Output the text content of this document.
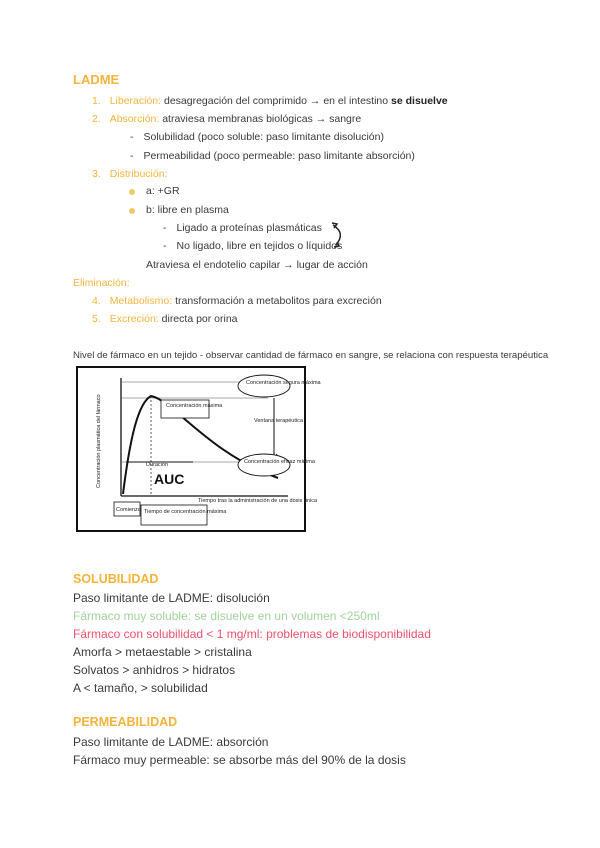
LADME
1. Liberación: desagregación del comprimido → en el intestino se disuelve
2. Absorción: atraviesa membranas biológicas → sangre
- Solubilidad (poco soluble: paso limitante disolución)
- Permeabilidad (poco permeable: paso limitante absorción)
3. Distribución:
a: +GR
b: libre en plasma
- Ligado a proteínas plasmáticas
- No ligado, libre en tejidos o líquidos
Atraviesa el endotelio capilar → lugar de acción
Eliminación:
4. Metabolismo: transformación a metabolitos para excreción
5. Excreción: directa por orina
Nivel de fármaco en un tejido - observar cantidad de fármaco en sangre, se relaciona con respuesta terapéutica
Concentración plasmática del fármaco	Concentración máxima
Duración
AUC
Ventana terapéutica
Concentración segura máxima
Concentración eficaz mínima
Tiempo tras la administración de una dosis única
Comienzo Tiempo de concentración máxima
SOLUBILIDAD
Paso limitante de LADME: disolución
Fármaco muy soluble: se disuelve en un volumen <250ml
Fármaco con solubilidad < 1 mg/ml: problemas de biodisponibilidad
Amorfa > metaestable > cristalina
Solvatos > anhidros > hidratos
A < tamaño, > solubilidad
PERMEABILIDAD
Paso limitante de LADME: absorción
Fármaco muy permeable: se absorbe más del 90% de la dosis
